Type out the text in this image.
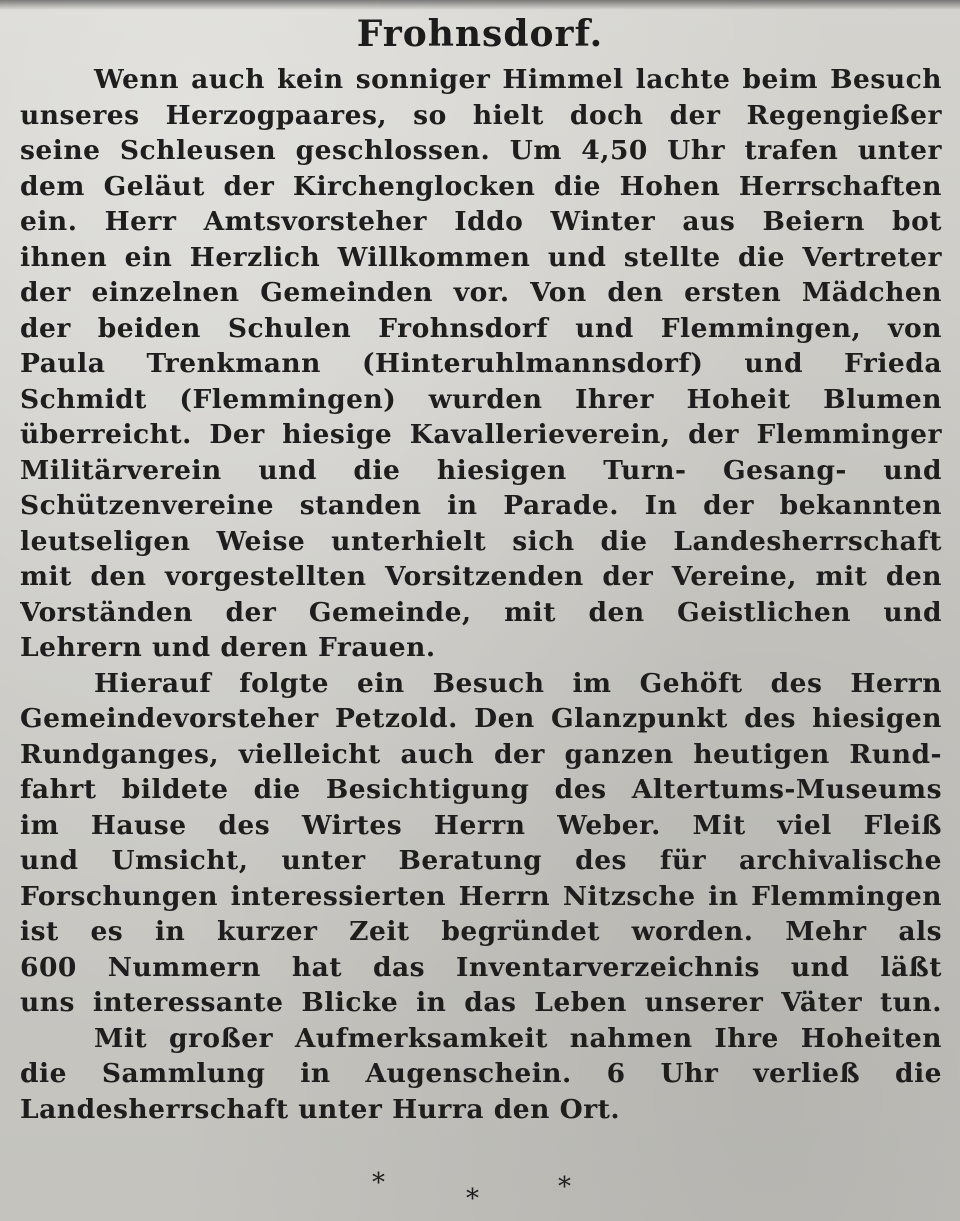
Frohnsdorf.
Wenn auch kein sonniger Himmel lachte beim Besuch
unseres Herzogpaares, so hielt doch der Regengießer
seine Schleusen geschlossen. Um 4,50 Uhr trafen unter
dem Geläut der Kirchenglocken die Hohen Herrschaften
ein. Herr Amtsvorsteher Iddo Winter aus Beiern bot
ihnen ein Herzlich Willkommen und stellte die Vertreter
der einzelnen Gemeinden vor. Von den ersten Mädchen
der beiden Schulen Frohnsdorf und Flemmingen, von
Paula Trenkmann (Hinteruhlmannsdorf) und Frieda
Schmidt (Flemmingen) wurden Ihrer Hoheit Blumen
überreicht. Der hiesige Kavallerieverein, der Flemminger
Militärverein und die hiesigen Turn- Gesang- und
Schützenvereine standen in Parade. In der bekannten
leutseligen Weise unterhielt sich die Landesherrschaft
mit den vorgestellten Vorsitzenden der Vereine, mit den
Vorständen der Gemeinde, mit den Geistlichen und
Lehrern und deren Frauen.
Hierauf folgte ein Besuch im Gehöft des Herrn
Gemeindevorsteher Petzold. Den Glanzpunkt des hiesigen
Rundganges, vielleicht auch der ganzen heutigen Rund-
fahrt bildete die Besichtigung des Altertums-Museums
im Hause des Wirtes Herrn Weber. Mit viel Fleiß
und Umsicht, unter Beratung des für archivalische
Forschungen interessierten Herrn Nitzsche in Flemmingen
ist es in kurzer Zeit begründet worden. Mehr als
600 Nummern hat das Inventarverzeichnis und läßt
uns interessante Blicke in das Leben unserer Väter tun.
Mit großer Aufmerksamkeit nahmen Ihre Hoheiten
die Sammlung in Augenschein. 6 Uhr verließ die
Landesherrschaft unter Hurra den Ort.
*
*	*
